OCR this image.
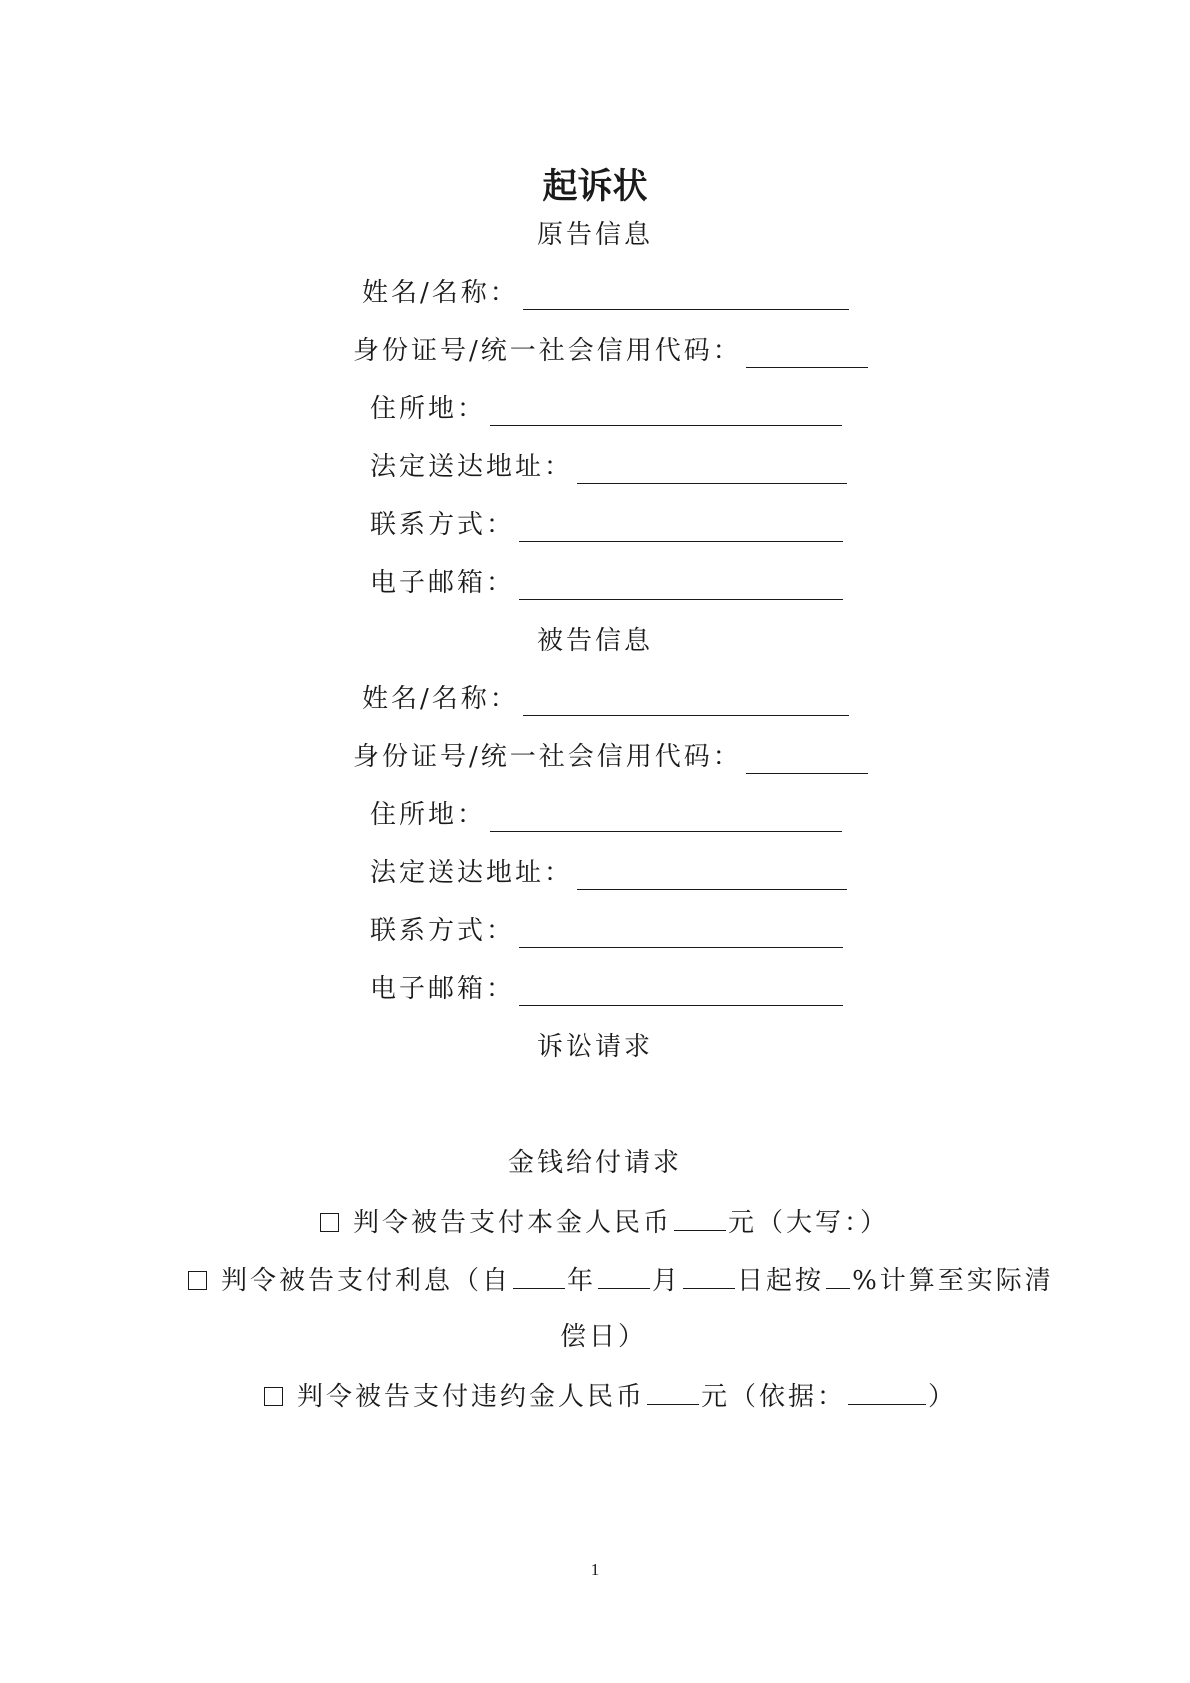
起诉状
原告信息
姓名/名称：
身份证号/统一社会信用代码：
住所地：
法定送达地址：
联系方式：
电子邮箱：
被告信息
姓名/名称：
身份证号/统一社会信用代码：
住所地：
法定送达地址：
联系方式：
电子邮箱：
诉讼请求
金钱给付请求
判令被告支付本金人民币 元（大写：）
判令被告支付利息（自 年 月 日起按 %计算至实际清
偿日）
判令被告支付违约金人民币 元（依据：	）
1
